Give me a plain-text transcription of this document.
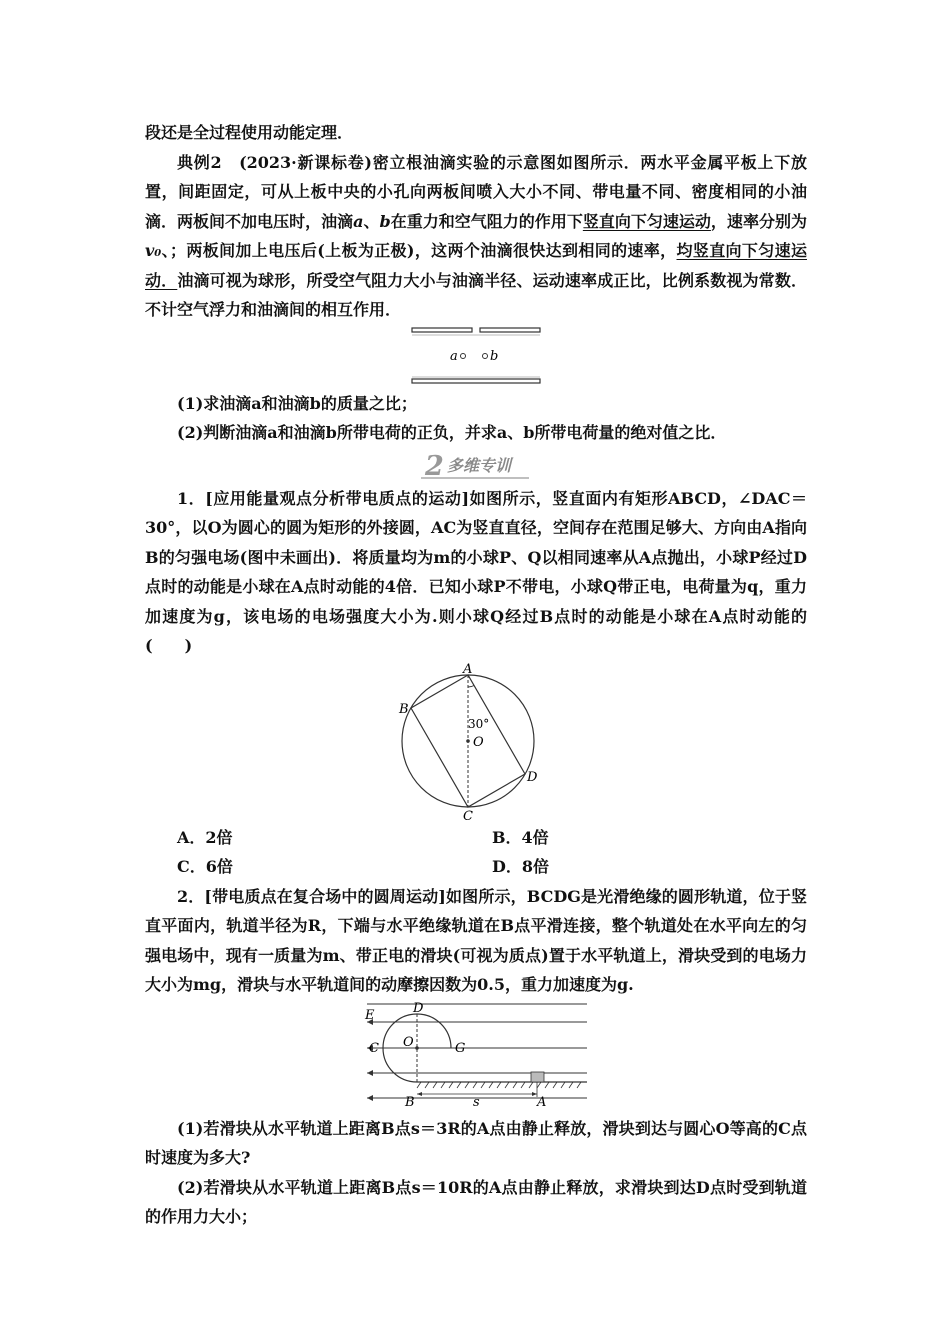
段还是全过程使用动能定理．

典例2　 (2023·新课标卷)密立根油滴实验的示意图如图所示．两水平金属平板上下放置，间距固定，可从上板中央的小孔向两板间喷入大小不同、带电量不同、密度相同的小油滴．两板间不加电压时，油滴a、b在重力和空气阻力的作用下竖直向下匀速运动，速率分别为v₀、；两板间加上电压后(上板为正极)，这两个油滴很快达到相同的速率，均竖直向下匀速运动．油滴可视为球形，所受空气阻力大小与油滴半径、运动速率成正比，比例系数视为常数．不计空气浮力和油滴间的相互作用．

a b

(1)求油滴a和油滴b的质量之比；

(2)判断油滴a和油滴b所带电荷的正负，并求a、b所带电荷量的绝对值之比．

2 多维专训

1．[应用能量观点分析带电质点的运动]如图所示，竖直面内有矩形ABCD，∠DAC＝30°，以O为圆心的圆为矩形的外接圆，AC为竖直直径，空间存在范围足够大、方向由A指向B的匀强电场(图中未画出)．将质量均为m的小球P、Q以相同速率从A点抛出，小球P经过D点时的动能是小球在A点时动能的4倍．已知小球P不带电，小球Q带正电，电荷量为q，重力加速度为g，该电场的电场强度大小为.则小球Q经过B点时的动能是小球在A点时动能的(　　)

A
B
C
D
O
30°
A．2倍	B．4倍
C．6倍	D．8倍

2．[带电质点在复合场中的圆周运动]如图所示，BCDG是光滑绝缘的圆形轨道，位于竖直平面内，轨道半径为R，下端与水平绝缘轨道在B点平滑连接，整个轨道处在水平向左的匀强电场中，现有一质量为m、带正电的滑块(可视为质点)置于水平轨道上，滑块受到的电场力大小为mg，滑块与水平轨道间的动摩擦因数为0.5，重力加速度为g.

E	D
C O	G
B	s	A

(1)若滑块从水平轨道上距离B点s＝3R的A点由静止释放，滑块到达与圆心O等高的C点时速度为多大?

(2)若滑块从水平轨道上距离B点s＝10R的A点由静止释放，求滑块到达D点时受到轨道的作用力大小；
